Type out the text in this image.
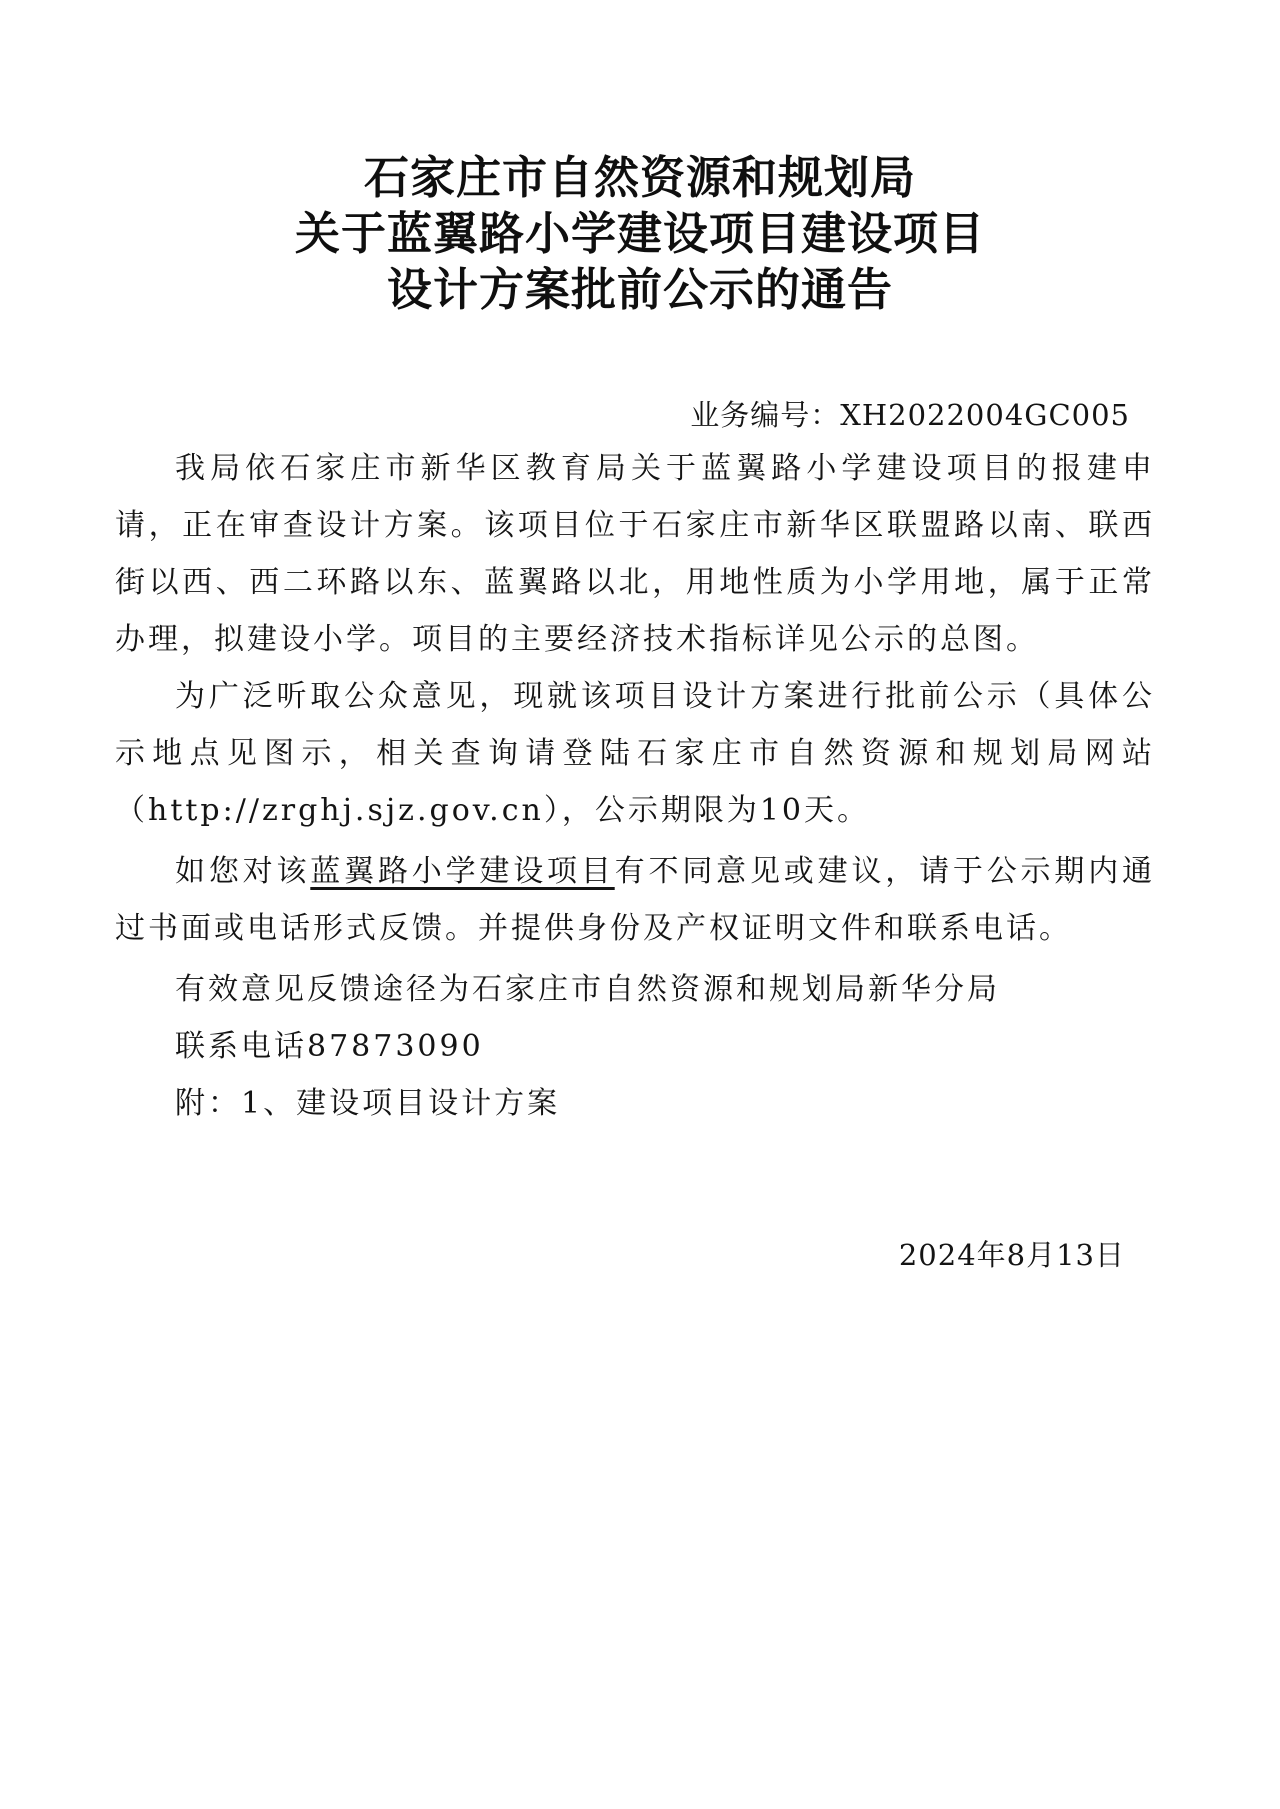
石家庄市自然资源和规划局
关于蓝翼路小学建设项目建设项目
设计方案批前公示的通告
业务编号：XH2022004GC005

我局依石家庄市新华区教育局关于蓝翼路小学建设项目的报建申请，正在审查设计方案。该项目位于石家庄市新华区联盟路以南、联西街以西、西二环路以东、蓝翼路以北，用地性质为小学用地，属于正常办理，拟建设小学。项目的主要经济技术指标详见公示的总图。

为广泛听取公众意见，现就该项目设计方案进行批前公示（具体公示地点见图示，相关查询请登陆石家庄市自然资源和规划局网站（http://zrghj.sjz.gov.cn），公示期限为10天。

如您对该蓝翼路小学建设项目有不同意见或建议，请于公示期内通过书面或电话形式反馈。并提供身份及产权证明文件和联系电话。

有效意见反馈途径为石家庄市自然资源和规划局新华分局

联系电话87873090

附：1、建设项目设计方案

2024年8月13日
